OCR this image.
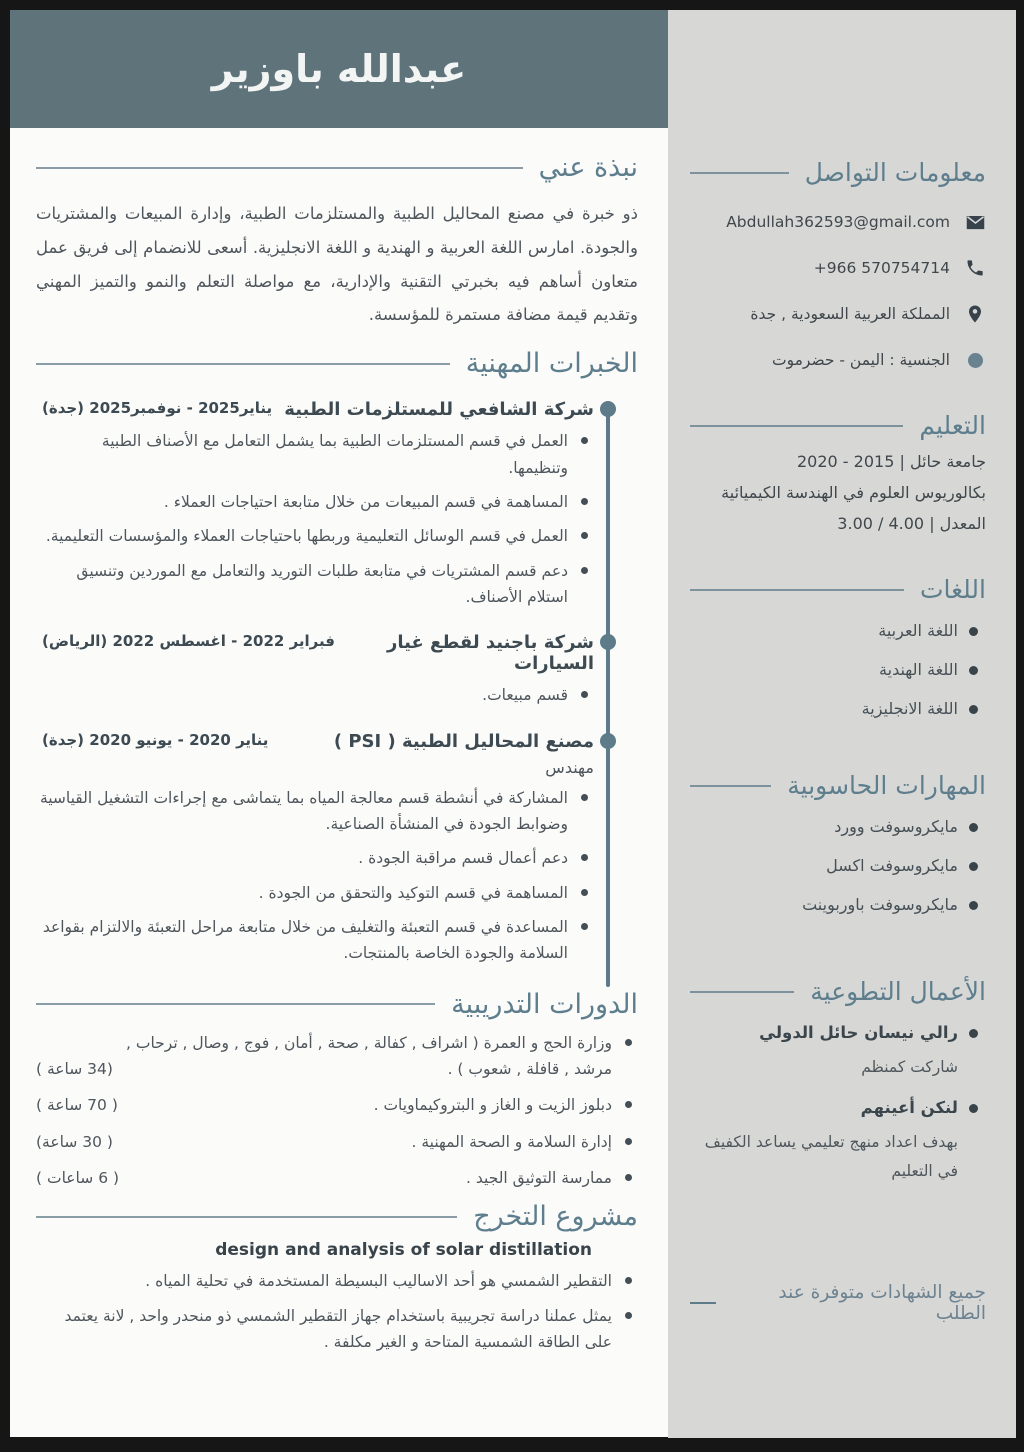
عبدالله باوزير
نبذة عني

ذو خبرة في مصنع المحاليل الطبية والمستلزمات الطبية، وإدارة المبيعات والمشتريات والجودة. امارس اللغة العربية و الهندية و اللغة الانجليزية. أسعى للانضمام إلى فريق عمل متعاون أساهم فيه بخبرتي التقنية والإدارية، مع مواصلة التعلم والنمو والتميز المهني وتقديم قيمة مضافة مستمرة للمؤسسة.

الخبرات المهنية
شركة الشافعي للمستلزمات الطبية
يناير2025 - نوفمبر2025 (جدة)
العمل في قسم المستلزمات الطبية بما يشمل التعامل مع الأصناف الطبية وتنظيمها.
المساهمة في قسم المبيعات من خلال متابعة احتياجات العملاء .
العمل في قسم الوسائل التعليمية وربطها باحتياجات العملاء والمؤسسات التعليمية.
دعم قسم المشتريات في متابعة طلبات التوريد والتعامل مع الموردين وتنسيق استلام الأصناف.
شركة باجنيد لقطع غيار السيارات
فبراير 2022 - اغسطس 2022 (الرياض)
قسم مبيعات.
مصنع المحاليل الطبية ( PSI )
يناير 2020 - يونيو 2020 (جدة)
مهندس
المشاركة في أنشطة قسم معالجة المياه بما يتماشى مع إجراءات التشغيل القياسية وضوابط الجودة في المنشأة الصناعية.
دعم أعمال قسم مراقبة الجودة .
المساهمة في قسم التوكيد والتحقق من الجودة .
المساعدة في قسم التعبئة والتغليف من خلال متابعة مراحل التعبئة والالتزام بقواعد السلامة والجودة الخاصة بالمنتجات.
الدورات التدريبية
وزارة الحج و العمرة ( اشراف , كفالة , صحة , أمان , فوج , وصال , ترحاب , مرشد , قافلة , شعوب ) .
(34 ساعة )
دبلوز الزيت و الغاز و البتروكيماويات .
( 70 ساعة )
إدارة السلامة و الصحة المهنية .
( 30 ساعة)
ممارسة التوثيق الجيد .
( 6 ساعات )
مشروع التخرج
design and analysis of solar distillation
التقطير الشمسي هو أحد الاساليب البسيطة المستخدمة في تحلية المياه .
يمثل عملنا دراسة تجريبية باستخدام جهاز التقطير الشمسي ذو منحدر واحد , لانة يعتمد على الطاقة الشمسية المتاحة و الغير مكلفة .
معلومات التواصل
Abdullah362593@gmail.com
+966 570754714
المملكة العربية السعودية , جدة
الجنسية : اليمن - حضرموت
التعليم
جامعة حائل | 2020 - 2015
بكالوريوس العلوم في الهندسة الكيميائية
المعدل | 3.00 / 4.00
اللغات
اللغة العربية
اللغة الهندية
اللغة الانجليزية
المهارات الحاسوبية
مايكروسوفت وورد
مايكروسوفت اكسل
مايكروسوفت باوربوينت
الأعمال التطوعية
رالي نيسان حائل الدولي
شاركت كمنظم
لنكن أعينهم
بهدف اعداد منهج تعليمي يساعد الكفيف في التعليم
جميع الشهادات متوفرة عند الطلب
